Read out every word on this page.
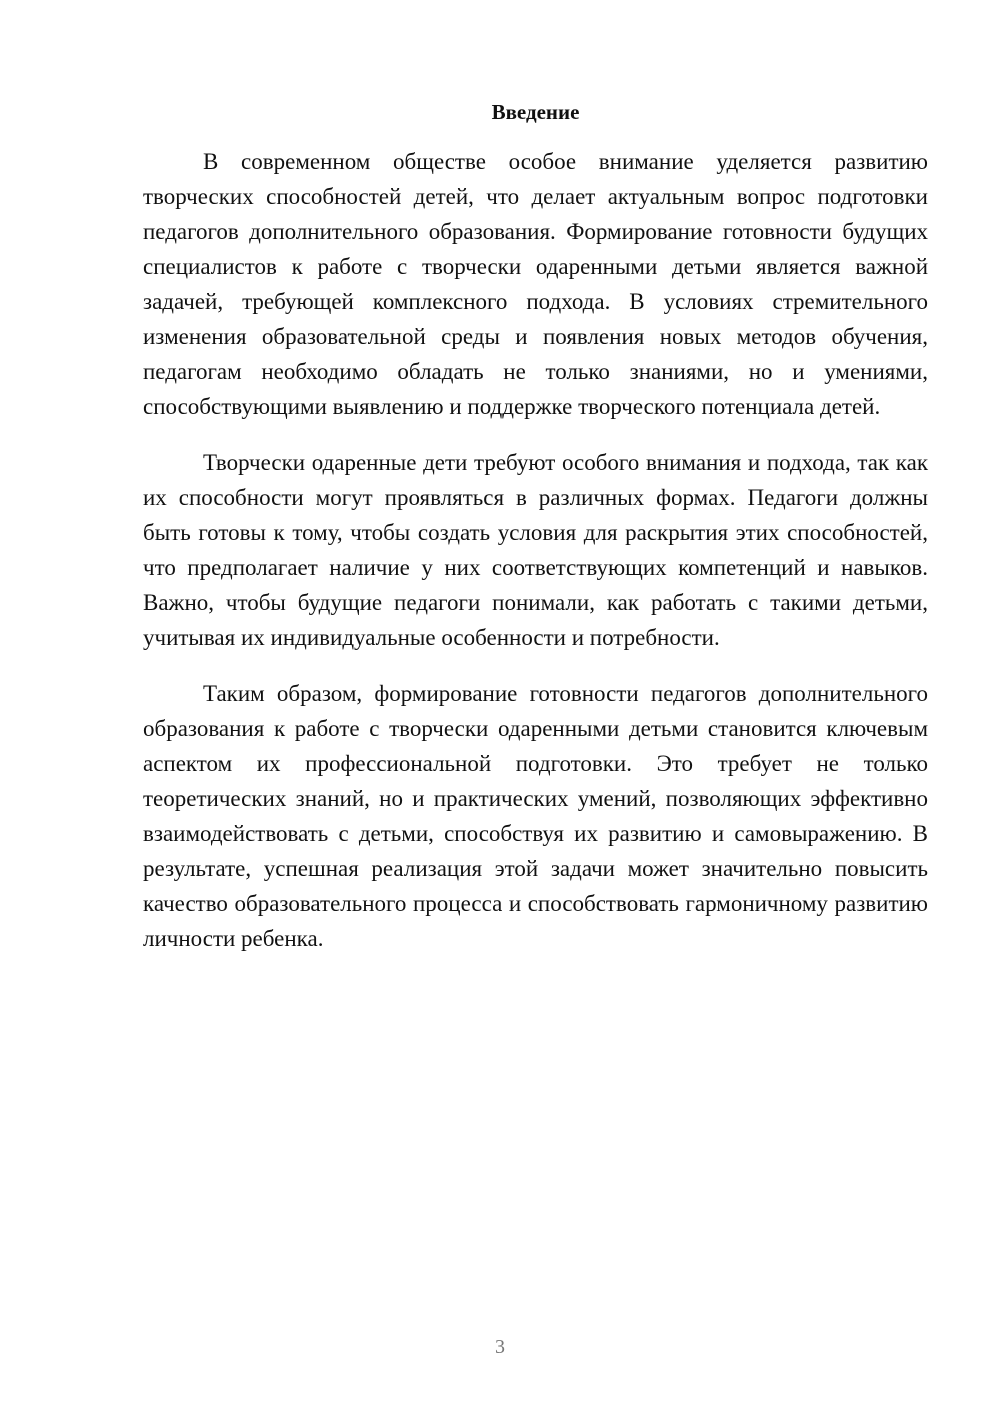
Введение

В современном обществе особое внимание уделяется развитию творческих способностей детей, что делает актуальным вопрос подготовки педагогов дополнительного образования. Формирование готовности будущих специалистов к работе с творчески одаренными детьми является важной задачей, требующей комплексного подхода. В условиях стремительного изменения образовательной среды и появления новых методов обучения, педагогам необходимо обладать не только знаниями, но и умениями, способствующими выявлению и поддержке творческого потенциала детей.

Творчески одаренные дети требуют особого внимания и подхода, так как их способности могут проявляться в различных формах. Педагоги должны быть готовы к тому, чтобы создать условия для раскрытия этих способностей, что предполагает наличие у них соответствующих компетенций и навыков. Важно, чтобы будущие педагоги понимали, как работать с такими детьми, учитывая их индивидуальные особенности и потребности.

Таким образом, формирование готовности педагогов дополнительного образования к работе с творчески одаренными детьми становится ключевым аспектом их профессиональной подготовки. Это требует не только теоретических знаний, но и практических умений, позволяющих эффективно взаимодействовать с детьми, способствуя их развитию и самовыражению. В результате, успешная реализация этой задачи может значительно повысить качество образовательного процесса и способствовать гармоничному развитию личности ребенка.

3
